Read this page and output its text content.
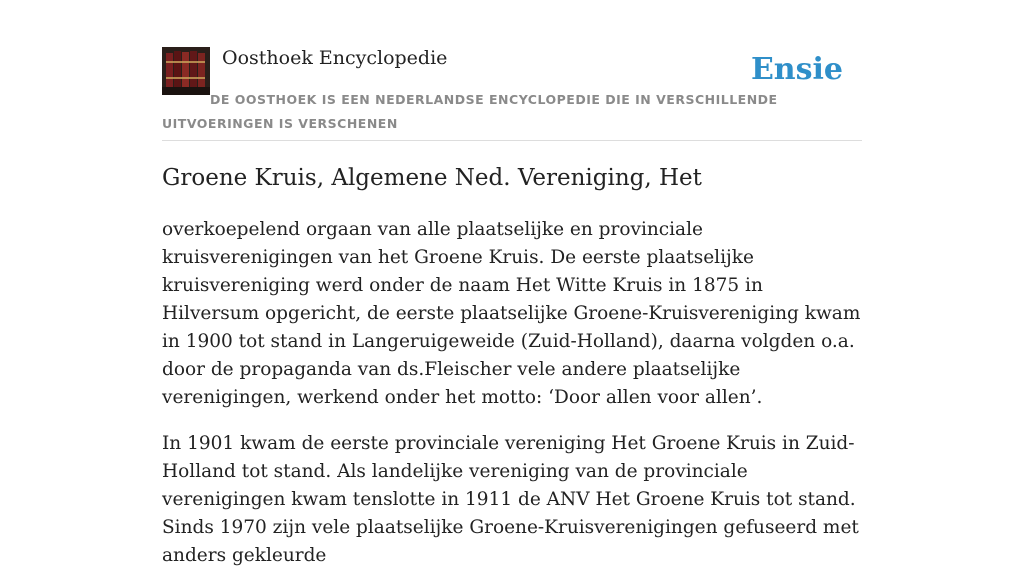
Oosthoek Encyclopedie	Ensie
DE OOSTHOEK IS EEN NEDERLANDSE ENCYCLOPEDIE DIE IN VERSCHILLENDE UITVOERINGEN IS VERSCHENEN
Groene Kruis, Algemene Ned. Vereniging, Het

overkoepelend orgaan van alle plaatselijke en provinciale kruisverenigingen van het Groene Kruis. De eerste plaatselijke kruisvereniging werd onder de naam Het Witte Kruis in 1875 in Hilversum opgericht, de eerste plaatselijke Groene-Kruisvereniging kwam in 1900 tot stand in Langeruigeweide (Zuid-Holland), daarna volgden o.a. door de propaganda van ds.Fleischer vele andere plaatselijke verenigingen, werkend onder het motto: ‘Door allen voor allen’.

In 1901 kwam de eerste provinciale vereniging Het Groene Kruis in Zuid-Holland tot stand. Als landelijke vereniging van de provinciale verenigingen kwam tenslotte in 1911 de ANV Het Groene Kruis tot stand. Sinds 1970 zijn vele plaatselijke Groene-Kruisverenigingen gefuseerd met anders gekleurde
